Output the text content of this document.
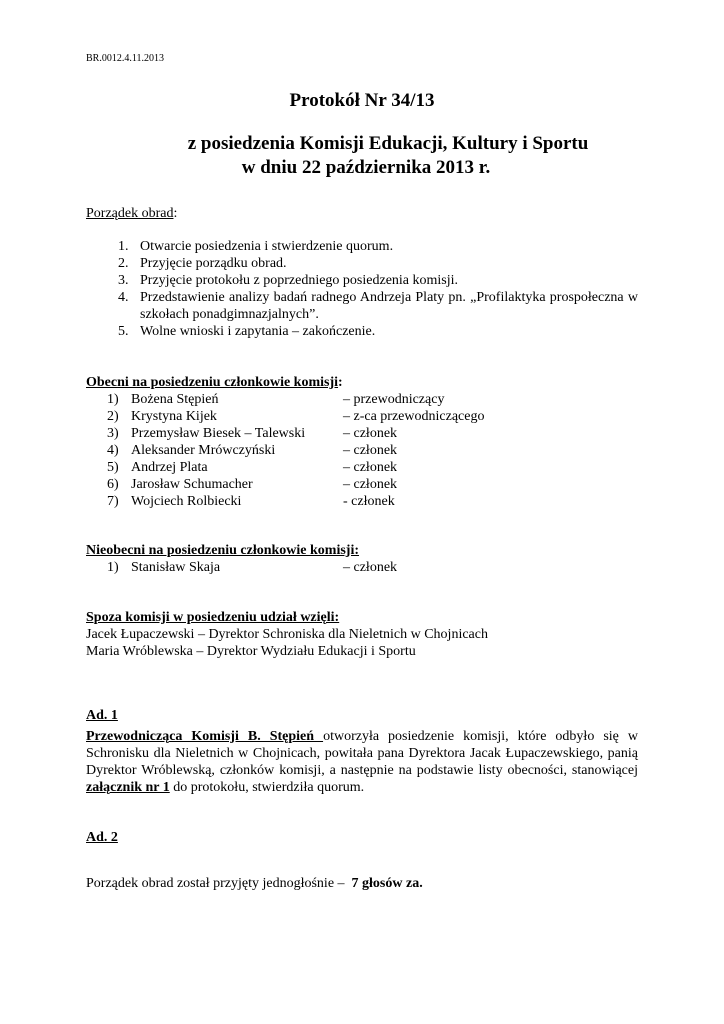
BR.0012.4.11.2013
Protokół Nr 34/13
z posiedzenia Komisji Edukacji, Kultury i Sportu
w dniu 22 października 2013 r.
Porządek obrad:
1. Otwarcie posiedzenia i stwierdzenie quorum.
2. Przyjęcie porządku obrad.
3. Przyjęcie protokołu z poprzedniego posiedzenia komisji.
4. Przedstawienie analizy badań radnego Andrzeja Platy pn. „Profilaktyka prospołeczna w szkołach ponadgimnazjalnych”.
5. Wolne wnioski i zapytania – zakończenie.
Obecni na posiedzeniu członkowie komisji:
1) Bożena Stępień	– przewodniczący
2) Krystyna Kijek	– z-ca przewodniczącego
3) Przemysław Biesek – Talewski	– członek
4) Aleksander Mrówczyński	– członek
5) Andrzej Plata	– członek
6) Jarosław Schumacher	– członek
7) Wojciech Rolbiecki	- członek
Nieobecni na posiedzeniu członkowie komisji:
1) Stanisław Skaja	– członek
Spoza komisji w posiedzeniu udział wzięli:
Jacek Łupaczewski – Dyrektor Schroniska dla Nieletnich w Chojnicach
Maria Wróblewska – Dyrektor Wydziału Edukacji i Sportu
Ad. 1
Przewodnicząca Komisji B. Stępień otworzyła posiedzenie komisji, które odbyło się w Schronisku dla Nieletnich w Chojnicach, powitała pana Dyrektora Jacak Łupaczewskiego, panią Dyrektor Wróblewską, członków komisji, a następnie na podstawie listy obecności, stanowiącej załącznik nr 1 do protokołu, stwierdziła quorum.
Ad. 2
Porządek obrad został przyjęty jednogłośnie –  7 głosów za.
